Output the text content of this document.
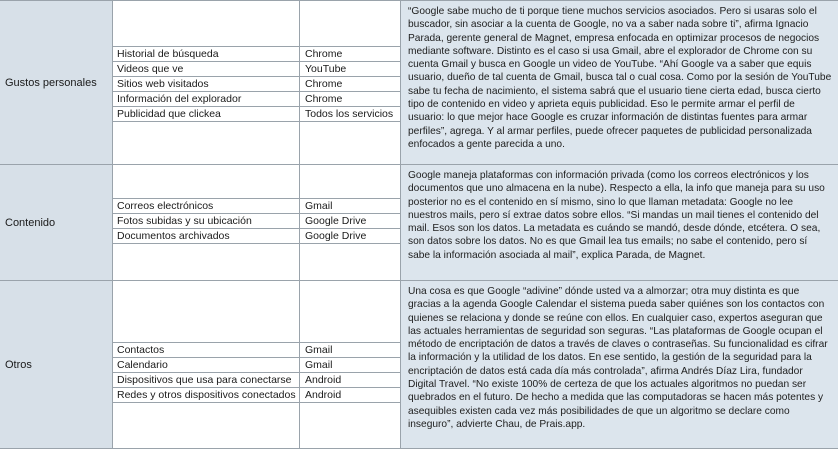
Gustos personales
Historial de búsqueda	Chrome
Videos que ve	YouTube
Sitios web visitados	Chrome
Información del explorador	Chrome
Publicidad que clickea	Todos los servicios
“Google sabe mucho de ti porque tiene muchos servicios asociados. Pero si usaras solo el buscador, sin asociar a la cuenta de Google, no va a saber nada sobre ti”, afirma Ignacio Parada, gerente general de Magnet, empresa enfocada en optimizar procesos de negocios mediante software. Distinto es el caso si usa Gmail, abre el explorador de Chrome con su cuenta Gmail y busca en Google un video de YouTube. “Ahí Google va a saber que equis usuario, dueño de tal cuenta de Gmail, busca tal o cual cosa. Como por la sesión de YouTube sabe tu fecha de nacimiento, el sistema sabrá que el usuario tiene cierta edad, busca cierto tipo de contenido en video y aprieta equis publicidad. Eso le permite armar el perfil de usuario: lo que mejor hace Google es cruzar información de distintas fuentes para armar perfiles”, agrega. Y al armar perfiles, puede ofrecer paquetes de publicidad personalizada enfocados a gente parecida a uno.
Contenido
Correos electrónicos	Gmail
Fotos subidas y su ubicación	Google Drive
Documentos archivados	Google Drive
Google maneja plataformas con información privada (como los correos electrónicos y los documentos que uno almacena en la nube). Respecto a ella, la info que maneja para su uso posterior no es el contenido en sí mismo, sino lo que llaman metadata: Google no lee nuestros mails, pero sí extrae datos sobre ellos. “Si mandas un mail tienes el contenido del mail. Esos son los datos. La metadata es cuándo se mandó, desde dónde, etcétera. O sea, son datos sobre los datos. No es que Gmail lea tus emails; no sabe el contenido, pero sí sabe la información asociada al mail”, explica Parada, de Magnet.
Otros
Contactos	Gmail
Calendario	Gmail
Dispositivos que usa para conectarse Android
Redes y otros dispositivos conectados Android
Una cosa es que Google “adivine” dónde usted va a almorzar; otra muy distinta es que gracias a la agenda Google Calendar el sistema pueda saber quiénes son los contactos con quienes se relaciona y donde se reúne con ellos. En cualquier caso, expertos aseguran que las actuales herramientas de seguridad son seguras. “Las plataformas de Google ocupan el método de encriptación de datos a través de claves o contraseñas. Su funcionalidad es cifrar la información y la utilidad de los datos. En ese sentido, la gestión de la seguridad para la encriptación de datos está cada día más controlada”, afirma Andrés Díaz Lira, fundador Digital Travel. “No existe 100% de certeza de que los actuales algoritmos no puedan ser quebrados en el futuro. De hecho a medida que las computadoras se hacen más potentes y asequibles existen cada vez más posibilidades de que un algoritmo se declare como inseguro”, advierte Chau, de Prais.app.
